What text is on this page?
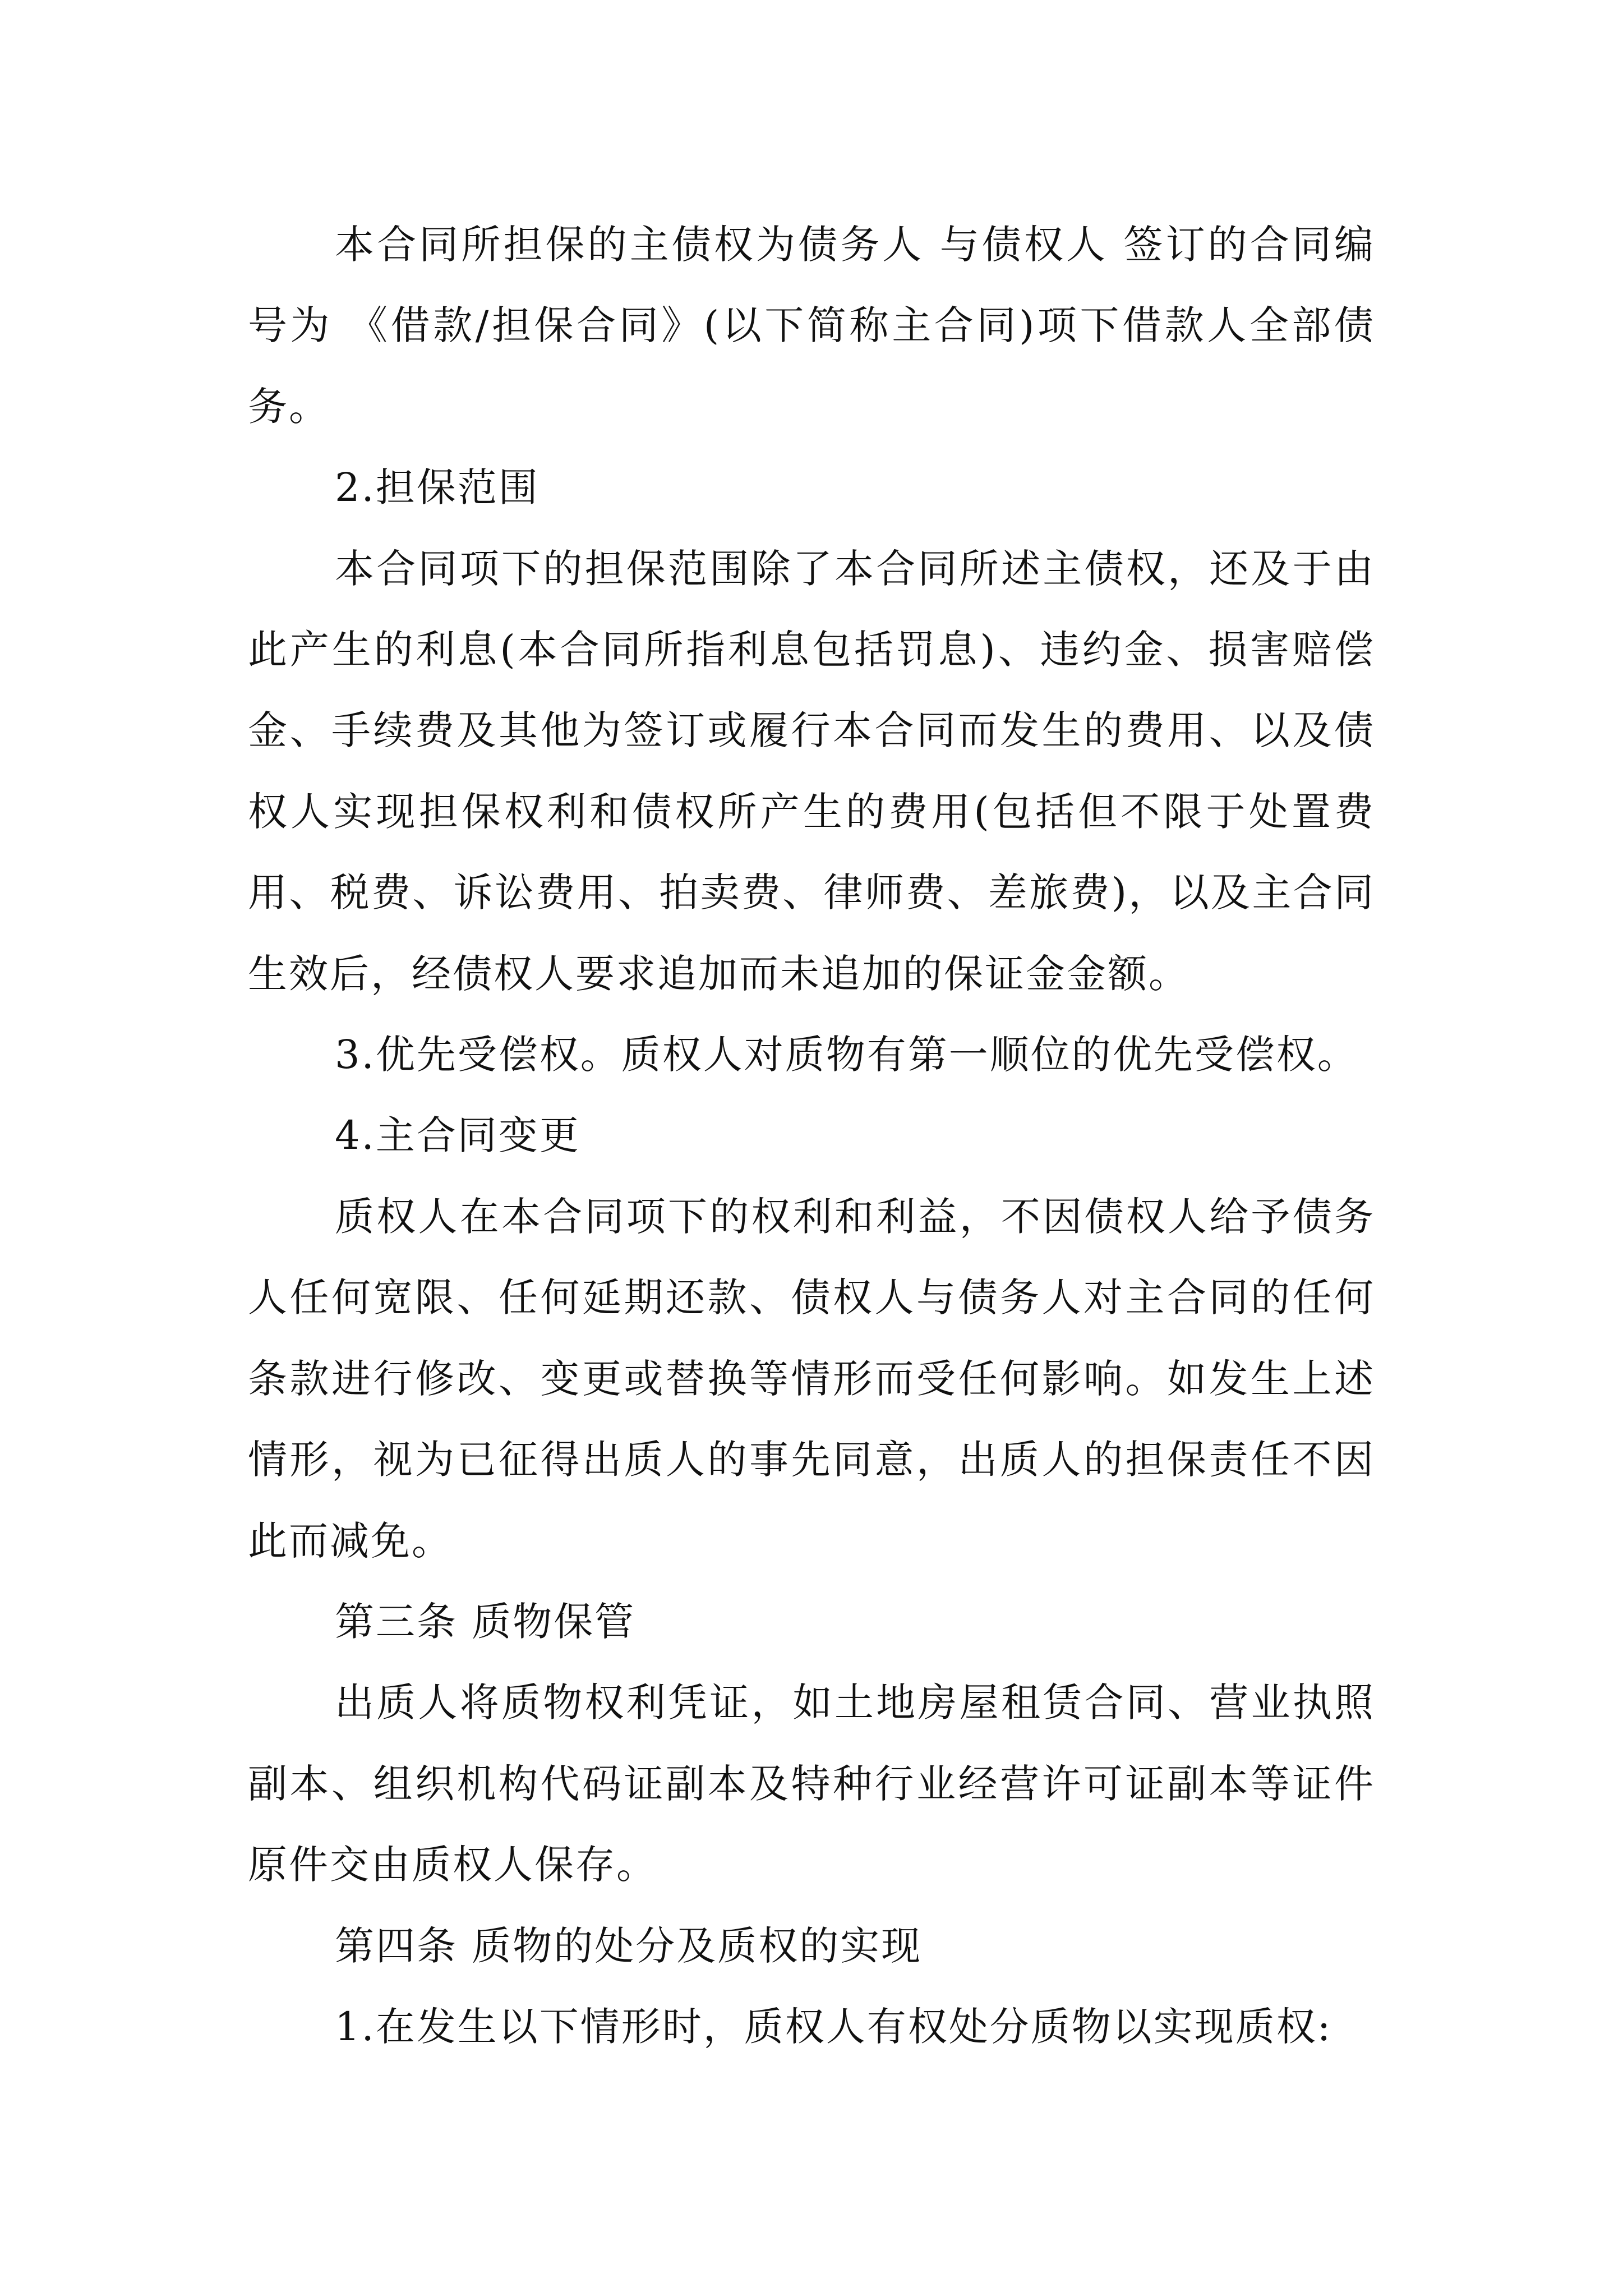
本合同所担保的主债权为债务人 与债权人 签订的合同编号为 《借款/担保合同》(以下简称主合同)项下借款人全部债务。

2.担保范围

本合同项下的担保范围除了本合同所述主债权，还及于由此产生的利息(本合同所指利息包括罚息)、违约金、损害赔偿金、手续费及其他为签订或履行本合同而发生的费用、以及债权人实现担保权利和债权所产生的费用(包括但不限于处置费用、税费、诉讼费用、拍卖费、律师费、差旅费)，以及主合同生效后，经债权人要求追加而未追加的保证金金额。

3.优先受偿权。质权人对质物有第一顺位的优先受偿权。

4.主合同变更

质权人在本合同项下的权利和利益，不因债权人给予债务人任何宽限、任何延期还款、债权人与债务人对主合同的任何条款进行修改、变更或替换等情形而受任何影响。如发生上述情形，视为已征得出质人的事先同意，出质人的担保责任不因此而减免。

第三条 质物保管

出质人将质物权利凭证，如土地房屋租赁合同、营业执照副本、组织机构代码证副本及特种行业经营许可证副本等证件原件交由质权人保存。

第四条 质物的处分及质权的实现

1.在发生以下情形时，质权人有权处分质物以实现质权:
